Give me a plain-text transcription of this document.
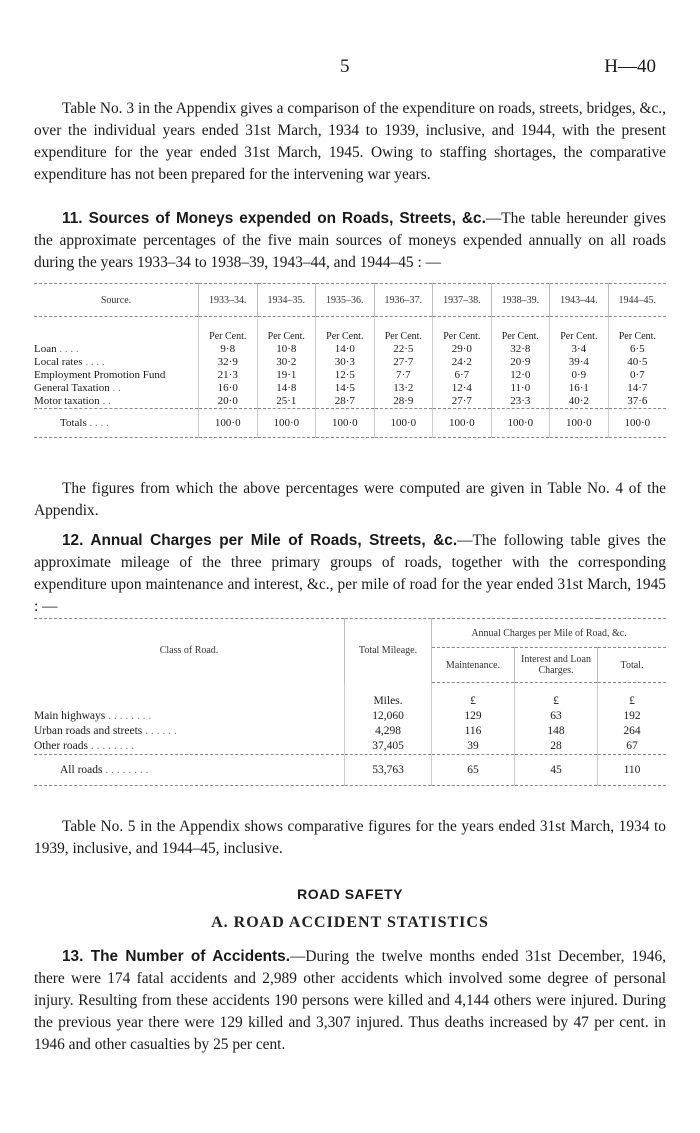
5	H—40

Table No. 3 in the Appendix gives a comparison of the expenditure on roads, streets, bridges, &c., over the individual years ended 31st March, 1934 to 1939, inclusive, and 1944, with the present expenditure for the year ended 31st March, 1945. Owing to staffing shortages, the comparative expenditure has not been prepared for the intervening war years.

11. Sources of Moneys expended on Roads, Streets, &c.—The table hereunder gives the approximate percentages of the five main sources of moneys expended annually on all roads during the years 1933–34 to 1938–39, 1943–44, and 1944–45 : —

Source.	1933–34.	1934–35.	1935–36.	1936–37.	1937–38.	1938–39.	1943–44.	1944–45.
	Per Cent.	Per Cent.	Per Cent.	Per Cent.	Per Cent.	Per Cent.	Per Cent.	Per Cent.
Loan . . . .	9·8	10·8	14·0	22·5	29·0	32·8	3·4	6·5
Local rates . . . .	32·9	30·2	30·3	27·7	24·2	20·9	39·4	40·5
Employment Promotion Fund	21·3	19·1	12·5	7·7	6·7	12·0	0·9	0·7
General Taxation . .	16·0	14·8	14·5	13·2	12·4	11·0	16·1	14·7
Motor taxation . .	20·0	25·1	28·7	28·9	27·7	23·3	40·2	37·6
Totals . . . .	100·0	100·0	100·0	100·0	100·0	100·0	100·0	100·0

The figures from which the above percentages were computed are given in Table No. 4 of the Appendix.

12. Annual Charges per Mile of Roads, Streets, &c.—The following table gives the approximate mileage of the three primary groups of roads, together with the corresponding expenditure upon maintenance and interest, &c., per mile of road for the year ended 31st March, 1945 : —

Class of Road.	Total Mileage.	Annual Charges per Mile of Road, &c.		
		Maintenance.	Interest and Loan Charges.	Total.
	Miles.	£	£	£
Main highways . . . . . . . .	12,060	129	63	192
Urban roads and streets . . . . . .	4,298	116	148	264
Other roads . . . . . . . .	37,405	39	28	67
All roads . . . . . . . .	53,763	65	45	110

Table No. 5 in the Appendix shows comparative figures for the years ended 31st March, 1934 to 1939, inclusive, and 1944–45, inclusive.

ROAD SAFETY
A. ROAD ACCIDENT STATISTICS

13. The Number of Accidents.—During the twelve months ended 31st December, 1946, there were 174 fatal accidents and 2,989 other accidents which involved some degree of personal injury. Resulting from these accidents 190 persons were killed and 4,144 others were injured. During the previous year there were 129 killed and 3,307 injured. Thus deaths increased by 47 per cent. in 1946 and other casualties by 25 per cent.
